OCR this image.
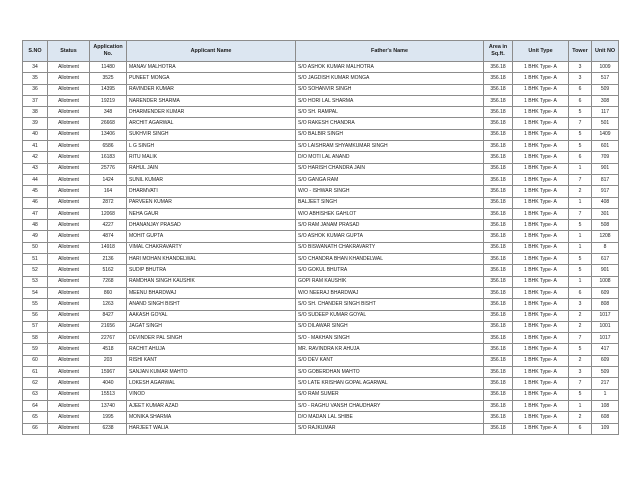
S.NO	Status	Application No.	Applicant Name	Father's Name	Area in Sq.ft.	Unit Type	Tower	Unit NO
34	Allotment	11480	MANAV MALHOTRA	S/O ASHOK KUMAR MALHOTRA	356.18	1 BHK Type- A	3	1009
35	Allotment	3525	PUNEET MONGA	S/O JAGDISH KUMAR MONGA	356.18	1 BHK Type- A	3	517
36	Allotment	14395	RAVINDER KUMAR	S/O SOHANVIR SINGH	356.18	1 BHK Type- A	6	509
37	Allotment	19219	NARENDER SHARMA	S/O HORI LAL SHARMA	356.18	1 BHK Type- A	6	308
38	Allotment	348	DHARMENDER KUMAR	S/O SH. RAMPAL	356.18	1 BHK Type- A	5	117
39	Allotment	26668	ARCHIT AGARWAL	S/O RAKESH CHANDRA	356.18	1 BHK Type- A	7	501
40	Allotment	13406	SUKHVIR SINGH	S/O BALBIR SINGH	356.18	1 BHK Type- A	5	1409
41	Allotment	6586	L G SINGH	S/O LAISHRAM SHYAMKUMAR SINGH	356.18	1 BHK Type- A	5	601
42	Allotment	16183	RITU MALIK	D/O MOTI LAL ANAND	356.18	1 BHK Type- A	6	709
43	Allotment	25776	RAHUL JAIN	S/O HARISH CHANDRA JAIN	356.18	1 BHK Type- A	1	901
44	Allotment	1424	SUNIL KUMAR	S/O GANGA RAM	356.18	1 BHK Type- A	7	817
45	Allotment	164	DHARMVATI	W/O - ISHWAR SINGH	356.18	1 BHK Type- A	2	917
46	Allotment	2872	PARVEEN KUMAR	BALJEET SINGH	356.18	1 BHK Type- A	1	408
47	Allotment	12068	NEHA GAUR	W/O ABHISHEK GAHLOT	356.18	1 BHK Type- A	7	301
48	Allotment	4227	DHANANJAY PRASAD	S/O RAM JANAM PRASAD	356.18	1 BHK Type- A	5	508
49	Allotment	4874	MOHIT GUPTA	S/O ASHOK KUMAR GUPTA	356.18	1 BHK Type- A	1	1208
50	Allotment	14918	VIMAL CHAKRAVARTY	S/O BISWANATH CHAKRAVARTY	356.18	1 BHK Type- A	1	8
51	Allotment	2136	HARI MOHAN KHANDELWAL	S/O CHANDRA BHAN KHANDELWAL	356.18	1 BHK Type- A	5	617
52	Allotment	5162	SUDIP BHUTRA	S/O GOKUL BHUTRA	356.18	1 BHK Type- A	5	901
53	Allotment	7268	RAMDHAN SINGH KAUSHIK	GOPI RAM KAUSHIK	356.18	1 BHK Type- A	1	1008
54	Allotment	860	MEENU BHARDWAJ	W/O NEERAJ BHARDWAJ	356.18	1 BHK Type- A	6	609
55	Allotment	1263	ANAND SINGH BISHT	S/O SH. CHANDER SINGH BISHT	356.18	1 BHK Type- A	3	808
56	Allotment	8427	AAKASH GOYAL	S/O SUDEEP KUMAR GOYAL	356.18	1 BHK Type- A	2	1017
57	Allotment	21656	JAGAT SINGH	S/O DILAWAR SINGH	356.18	1 BHK Type- A	2	1001
58	Allotment	22767	DEVINDER PAL SINGH	S/O - MAKHAN SINGH	356.18	1 BHK Type- A	7	1017
59	Allotment	4518	RACHIT AHUJA	MR. RAVINDRA KR AHUJA	356.18	1 BHK Type- A	5	417
60	Allotment	203	RISHI KANT	S/O DEV KANT	356.18	1 BHK Type- A	2	609
61	Allotment	15967	SANJAN KUMAR MAHTO	S/O GOBERDHAN MAHTO	356.18	1 BHK Type- A	3	509
62	Allotment	4040	LOKESH AGARWAL	S/O LATE KRISHAN GOPAL AGARWAL	356.18	1 BHK Type- A	7	217
63	Allotment	15513	VINOD	S/O RAM SUMER	356.18	1 BHK Type- A	5	1
64	Allotment	13740	AJEET KUMAR AZAD	S/O - RAGHU VANSH CHAUDHARY	356.18	1 BHK Type- A	1	108
65	Allotment	1995	MONIKA SHARMA	D/O MADAN LAL SHIBE	356.18	1 BHK Type- A	2	608
66	Allotment	6238	HARJEET WALIA	S/O RAJKUMAR	356.18	1 BHK Type- A	6	109
